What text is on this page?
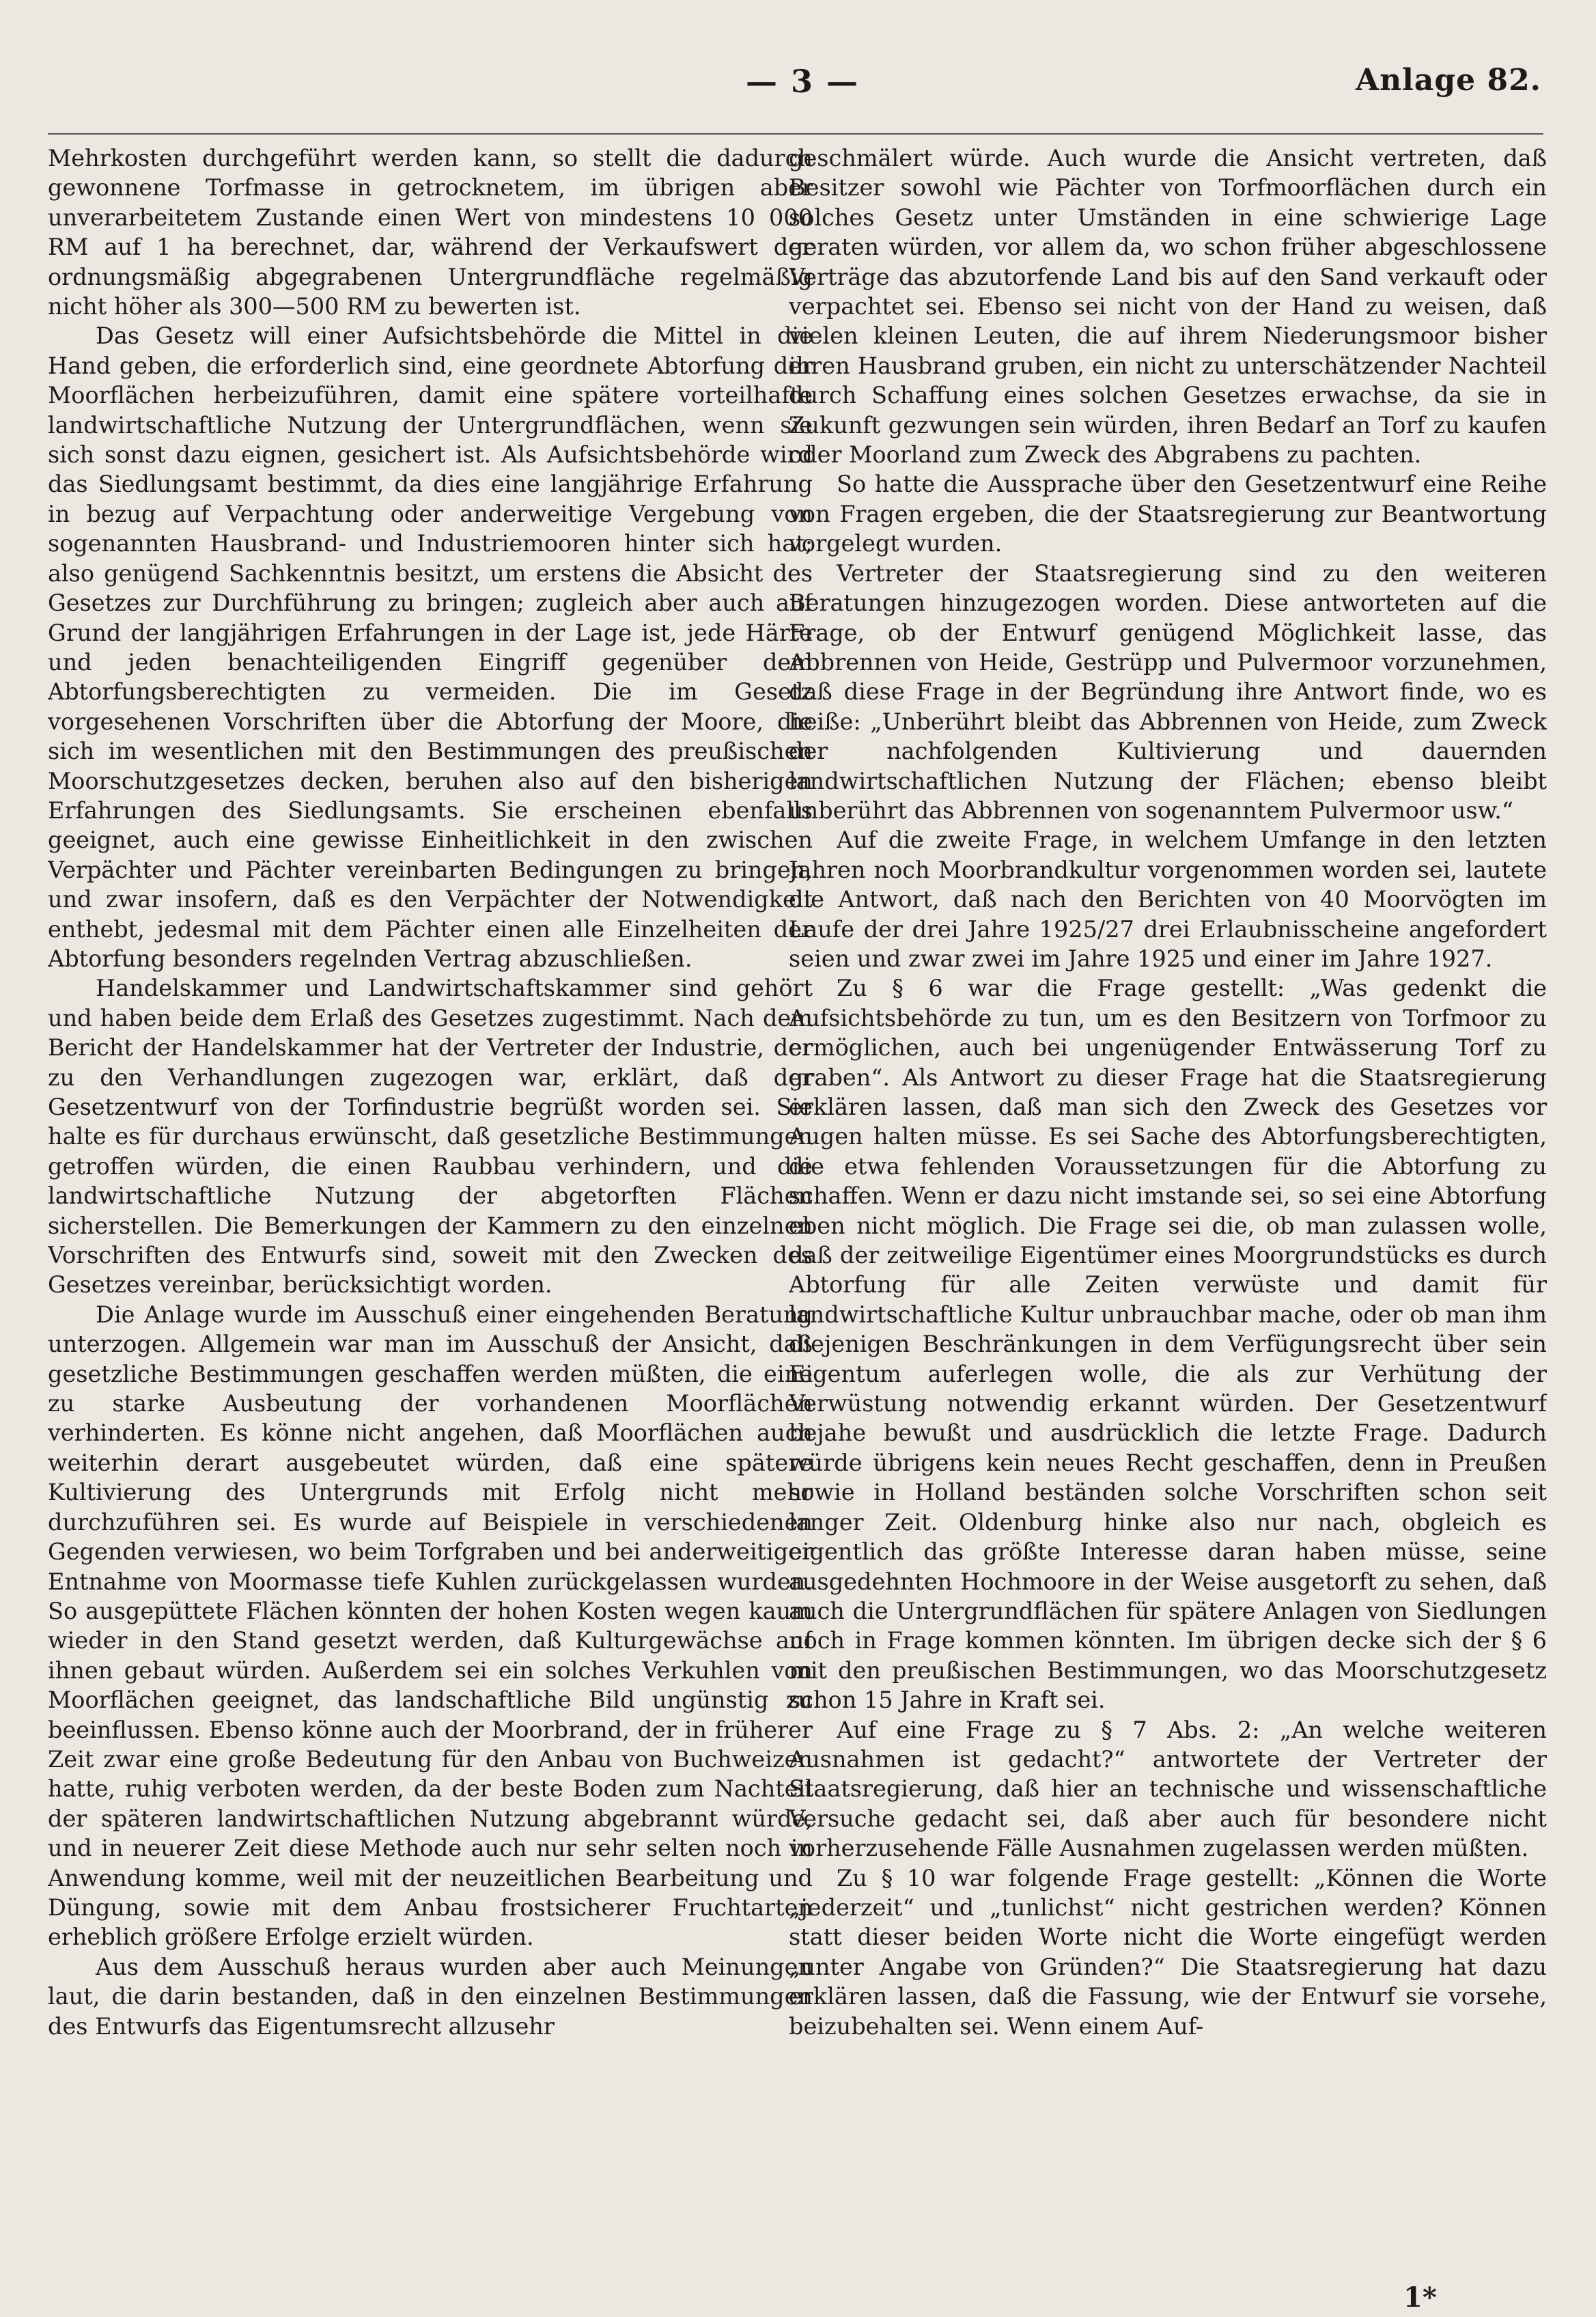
— 3 —	Anlage 82.

Mehrkosten durchgeführt werden kann, so stellt die dadurch gewonnene Torfmasse in getrocknetem, im übrigen aber unverarbeitetem Zustande einen Wert von mindestens 10 000 RM auf 1 ha berechnet, dar, während der Verkaufswert der ordnungsmäßig abgegrabenen Untergrundfläche regelmäßig nicht höher als 300—500 RM zu bewerten ist.

Das Gesetz will einer Aufsichtsbehörde die Mittel in die Hand geben, die erforderlich sind, eine geordnete Abtorfung der Moorflächen herbeizuführen, damit eine spätere vorteilhafte landwirtschaftliche Nutzung der Untergrundflächen, wenn sie sich sonst dazu eignen, gesichert ist. Als Aufsichtsbehörde wird das Siedlungsamt bestimmt, da dies eine langjährige Erfahrung in bezug auf Verpachtung oder anderweitige Vergebung von sogenannten Hausbrand- und Industriemooren hinter sich hat; also genügend Sachkenntnis besitzt, um erstens die Absicht des Gesetzes zur Durchführung zu bringen; zugleich aber auch auf Grund der langjährigen Erfahrungen in der Lage ist, jede Härte und jeden benachteiligenden Eingriff gegenüber dem Abtorfungsberechtigten zu vermeiden. Die im Gesetz vorgesehenen Vorschriften über die Abtorfung der Moore, die sich im wesentlichen mit den Bestimmungen des preußischen Moorschutzgesetzes decken, beruhen also auf den bisherigen Erfahrungen des Siedlungsamts. Sie erscheinen ebenfalls geeignet, auch eine gewisse Einheitlichkeit in den zwischen Verpächter und Pächter vereinbarten Bedingungen zu bringen, und zwar insofern, daß es den Verpächter der Notwendigkeit enthebt, jedesmal mit dem Pächter einen alle Einzelheiten der Abtorfung besonders regelnden Vertrag abzuschließen.

Handelskammer und Landwirtschaftskammer sind gehört und haben beide dem Erlaß des Gesetzes zugestimmt. Nach dem Bericht der Handelskammer hat der Vertreter der Industrie, der zu den Verhandlungen zugezogen war, erklärt, daß der Gesetzentwurf von der Torfindustrie begrüßt worden sei. Sie halte es für durchaus erwünscht, daß gesetzliche Bestimmungen getroffen würden, die einen Raubbau verhindern, und die landwirtschaftliche Nutzung der abgetorften Flächen sicherstellen. Die Bemerkungen der Kammern zu den einzelnen Vorschriften des Entwurfs sind, soweit mit den Zwecken des Gesetzes vereinbar, berücksichtigt worden.

Die Anlage wurde im Ausschuß einer eingehenden Beratung unterzogen. Allgemein war man im Ausschuß der Ansicht, daß gesetzliche Bestimmungen geschaffen werden müßten, die eine zu starke Ausbeutung der vorhandenen Moorflächen verhinderten. Es könne nicht angehen, daß Moorflächen auch weiterhin derart ausgebeutet würden, daß eine spätere Kultivierung des Untergrunds mit Erfolg nicht mehr durchzuführen sei. Es wurde auf Beispiele in verschiedenen Gegenden verwiesen, wo beim Torfgraben und bei anderweitiger Entnahme von Moormasse tiefe Kuhlen zurückgelassen wurden. So ausgepüttete Flächen könnten der hohen Kosten wegen kaum wieder in den Stand gesetzt werden, daß Kulturgewächse auf ihnen gebaut würden. Außerdem sei ein solches Verkuhlen von Moorflächen geeignet, das landschaftliche Bild ungünstig zu beeinflussen. Ebenso könne auch der Moorbrand, der in früherer Zeit zwar eine große Bedeutung für den Anbau von Buchweizen hatte, ruhig verboten werden, da der beste Boden zum Nachteil der späteren landwirtschaftlichen Nutzung abgebrannt würde, und in neuerer Zeit diese Methode auch nur sehr selten noch in Anwendung komme, weil mit der neuzeitlichen Bearbeitung und Düngung, sowie mit dem Anbau frostsicherer Fruchtarten erheblich größere Erfolge erzielt würden.

Aus dem Ausschuß heraus wurden aber auch Meinungen laut, die darin bestanden, daß in den einzelnen Bestimmungen des Entwurfs das Eigentumsrecht allzusehr

geschmälert würde. Auch wurde die Ansicht vertreten, daß Besitzer sowohl wie Pächter von Torfmoorflächen durch ein solches Gesetz unter Umständen in eine schwierige Lage geraten würden, vor allem da, wo schon früher abgeschlossene Verträge das abzutorfende Land bis auf den Sand verkauft oder verpachtet sei. Ebenso sei nicht von der Hand zu weisen, daß vielen kleinen Leuten, die auf ihrem Niederungsmoor bisher ihren Hausbrand gruben, ein nicht zu unterschätzender Nachteil durch Schaffung eines solchen Gesetzes erwachse, da sie in Zukunft gezwungen sein würden, ihren Bedarf an Torf zu kaufen oder Moorland zum Zweck des Abgrabens zu pachten.

So hatte die Aussprache über den Gesetzentwurf eine Reihe von Fragen ergeben, die der Staatsregierung zur Beantwortung vorgelegt wurden.

Vertreter der Staatsregierung sind zu den weiteren Beratungen hinzugezogen worden. Diese antworteten auf die Frage, ob der Entwurf genügend Möglichkeit lasse, das Abbrennen von Heide, Gestrüpp und Pulvermoor vorzunehmen, daß diese Frage in der Begründung ihre Antwort finde, wo es heiße: „Unberührt bleibt das Abbrennen von Heide, zum Zweck der nachfolgenden Kultivierung und dauernden landwirtschaftlichen Nutzung der Flächen; ebenso bleibt unberührt das Abbrennen von sogenanntem Pulvermoor usw.“

Auf die zweite Frage, in welchem Umfange in den letzten Jahren noch Moorbrandkultur vorgenommen worden sei, lautete die Antwort, daß nach den Berichten von 40 Moorvögten im Laufe der drei Jahre 1925/27 drei Erlaubnisscheine angefordert seien und zwar zwei im Jahre 1925 und einer im Jahre 1927.

Zu § 6 war die Frage gestellt: „Was gedenkt die Aufsichtsbehörde zu tun, um es den Besitzern von Torfmoor zu ermöglichen, auch bei ungenügender Entwässerung Torf zu graben“. Als Antwort zu dieser Frage hat die Staatsregierung erklären lassen, daß man sich den Zweck des Gesetzes vor Augen halten müsse. Es sei Sache des Abtorfungsberechtigten, die etwa fehlenden Voraussetzungen für die Abtorfung zu schaffen. Wenn er dazu nicht imstande sei, so sei eine Abtorfung eben nicht möglich. Die Frage sei die, ob man zulassen wolle, daß der zeitweilige Eigentümer eines Moorgrundstücks es durch Abtorfung für alle Zeiten verwüste und damit für landwirtschaftliche Kultur unbrauchbar mache, oder ob man ihm diejenigen Beschränkungen in dem Verfügungsrecht über sein Eigentum auferlegen wolle, die als zur Verhütung der Verwüstung notwendig erkannt würden. Der Gesetzentwurf bejahe bewußt und ausdrücklich die letzte Frage. Dadurch würde übrigens kein neues Recht geschaffen, denn in Preußen sowie in Holland beständen solche Vorschriften schon seit langer Zeit. Oldenburg hinke also nur nach, obgleich es eigentlich das größte Interesse daran haben müsse, seine ausgedehnten Hochmoore in der Weise ausgetorft zu sehen, daß auch die Untergrundflächen für spätere Anlagen von Siedlungen noch in Frage kommen könnten. Im übrigen decke sich der § 6 mit den preußischen Bestimmungen, wo das Moorschutzgesetz schon 15 Jahre in Kraft sei.

Auf eine Frage zu § 7 Abs. 2: „An welche weiteren Ausnahmen ist gedacht?“ antwortete der Vertreter der Staatsregierung, daß hier an technische und wissenschaftliche Versuche gedacht sei, daß aber auch für besondere nicht vorherzusehende Fälle Ausnahmen zugelassen werden müßten.

Zu § 10 war folgende Frage gestellt: „Können die Worte „jederzeit“ und „tunlichst“ nicht gestrichen werden? Können statt dieser beiden Worte nicht die Worte eingefügt werden „unter Angabe von Gründen?“ Die Staatsregierung hat dazu erklären lassen, daß die Fassung, wie der Entwurf sie vorsehe, beizubehalten sei. Wenn einem Auf-

1*
